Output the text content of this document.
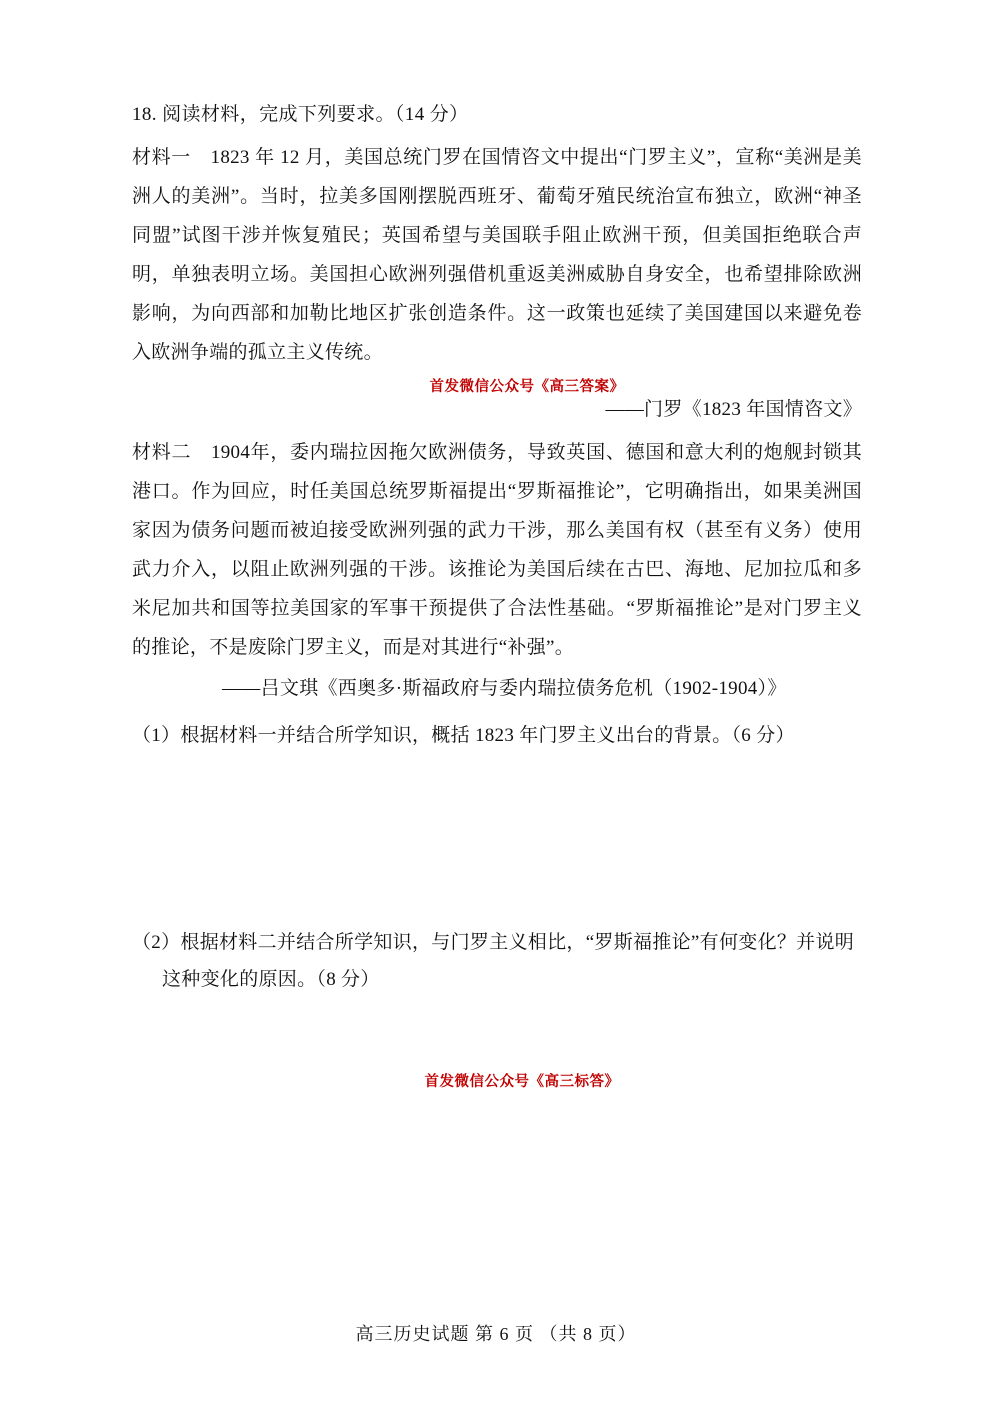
18. 阅读材料，完成下列要求。（14 分）
材料一　1823 年 12 月，美国总统门罗在国情咨文中提出“门罗主义”，宣称“美洲是美洲人的美洲”。当时，拉美多国刚摆脱西班牙、葡萄牙殖民统治宣布独立，欧洲“神圣同盟”试图干涉并恢复殖民；英国希望与美国联手阻止欧洲干预，但美国拒绝联合声明，单独表明立场。美国担心欧洲列强借机重返美洲威胁自身安全，也希望排除欧洲影响，为向西部和加勒比地区扩张创造条件。这一政策也延续了美国建国以来避免卷入欧洲争端的孤立主义传统。
首发微信公众号《高三答案》
——门罗《1823 年国情咨文》
材料二　1904年，委内瑞拉因拖欠欧洲债务，导致英国、德国和意大利的炮舰封锁其港口。作为回应，时任美国总统罗斯福提出“罗斯福推论”，它明确指出，如果美洲国家因为债务问题而被迫接受欧洲列强的武力干涉，那么美国有权（甚至有义务）使用武力介入，以阻止欧洲列强的干涉。该推论为美国后续在古巴、海地、尼加拉瓜和多米尼加共和国等拉美国家的军事干预提供了合法性基础。“罗斯福推论”是对门罗主义的推论，不是废除门罗主义，而是对其进行“补强”。
——吕文琪《西奥多·斯福政府与委内瑞拉债务危机（1902-1904）》
（1）根据材料一并结合所学知识，概括 1823 年门罗主义出台的背景。（6 分）
（2）根据材料二并结合所学知识，与门罗主义相比，“罗斯福推论”有何变化？并说明
这种变化的原因。（8 分）
首发微信公众号《高三标答》
高三历史试题 第 6 页 （共 8 页）
